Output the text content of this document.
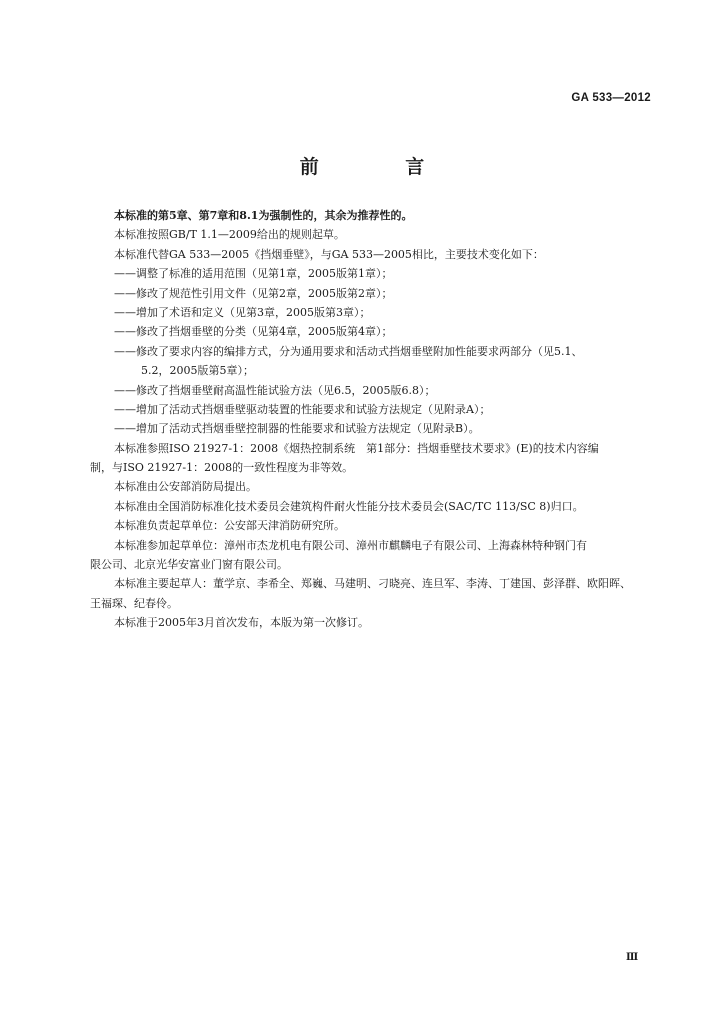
GA 533—2012
前 言
本标准的第5章、第7章和8.1为强制性的，其余为推荐性的。
本标准按照GB/T 1.1—2009给出的规则起草。
本标准代替GA 533—2005《挡烟垂壁》，与GA 533—2005相比，主要技术变化如下：
——调整了标准的适用范围（见第1章，2005版第1章）；
——修改了规范性引用文件（见第2章，2005版第2章）；
——增加了术语和定义（见第3章，2005版第3章）；
——修改了挡烟垂壁的分类（见第4章，2005版第4章）；
——修改了要求内容的编排方式，分为通用要求和活动式挡烟垂壁附加性能要求两部分（见5.1、
5.2，2005版第5章）；
——修改了挡烟垂壁耐高温性能试验方法（见6.5，2005版6.8）；
——增加了活动式挡烟垂壁驱动装置的性能要求和试验方法规定（见附录A）；
——增加了活动式挡烟垂壁控制器的性能要求和试验方法规定（见附录B）。
本标准参照ISO 21927-1：2008《烟热控制系统　第1部分：挡烟垂壁技术要求》(E)的技术内容编
制，与ISO 21927-1：2008的一致性程度为非等效。
本标准由公安部消防局提出。
本标准由全国消防标准化技术委员会建筑构件耐火性能分技术委员会(SAC/TC 113/SC 8)归口。
本标准负责起草单位：公安部天津消防研究所。
本标准参加起草单位：漳州市杰龙机电有限公司、漳州市麒麟电子有限公司、上海森林特种钢门有
限公司、北京光华安富业门窗有限公司。
本标准主要起草人：董学京、李希全、郑巍、马建明、刁晓亮、连旦军、李涛、丁建国、彭泽群、欧阳晖、
王福琛、纪春伶。
本标准于2005年3月首次发布，本版为第一次修订。
Ⅲ
